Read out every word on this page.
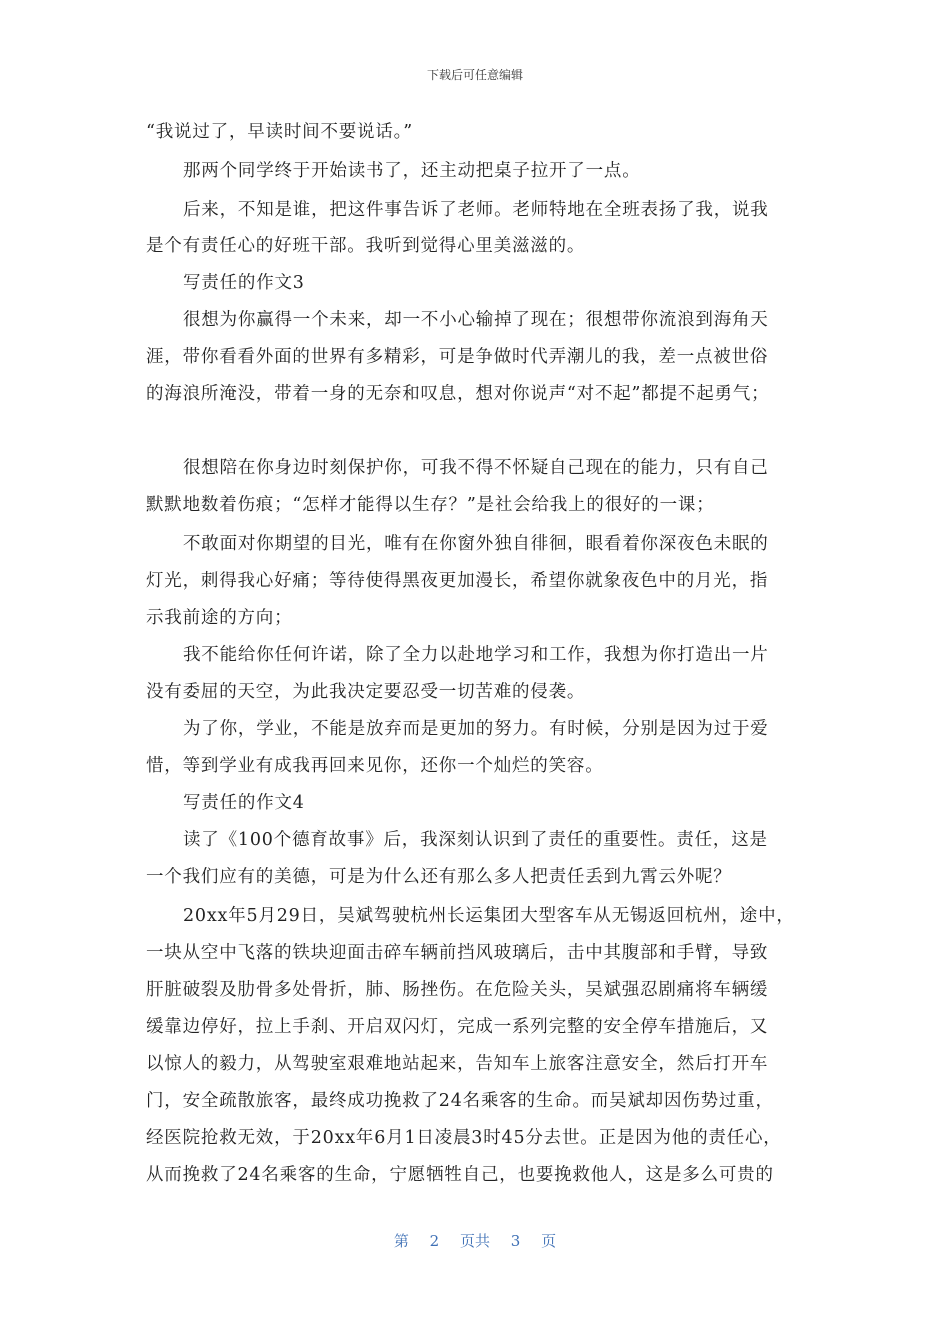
下载后可任意编辑
“我说过了，早读时间不要说话。”
那两个同学终于开始读书了，还主动把桌子拉开了一点。
后来，不知是谁，把这件事告诉了老师。老师特地在全班表扬了我，说我
是个有责任心的好班干部。我听到觉得心里美滋滋的。
写责任的作文3
很想为你赢得一个未来，却一不小心输掉了现在；很想带你流浪到海角天
涯，带你看看外面的世界有多精彩，可是争做时代弄潮儿的我，差一点被世俗
的海浪所淹没，带着一身的无奈和叹息，想对你说声“对不起”都提不起勇气；
很想陪在你身边时刻保护你，可我不得不怀疑自己现在的能力，只有自己
默默地数着伤痕；“怎样才能得以生存？”是社会给我上的很好的一课；
不敢面对你期望的目光，唯有在你窗外独自徘徊，眼看着你深夜色未眠的
灯光，刺得我心好痛；等待使得黑夜更加漫长，希望你就象夜色中的月光，指
示我前途的方向；
我不能给你任何许诺，除了全力以赴地学习和工作，我想为你打造出一片
没有委屈的天空，为此我决定要忍受一切苦难的侵袭。
为了你，学业，不能是放弃而是更加的努力。有时候，分别是因为过于爱
惜，等到学业有成我再回来见你，还你一个灿烂的笑容。
写责任的作文4
读了《100个德育故事》后，我深刻认识到了责任的重要性。责任，这是
一个我们应有的美德，可是为什么还有那么多人把责任丢到九霄云外呢？
20xx年5月29日，吴斌驾驶杭州长运集团大型客车从无锡返回杭州，途中，
一块从空中飞落的铁块迎面击碎车辆前挡风玻璃后，击中其腹部和手臂，导致
肝脏破裂及肋骨多处骨折，肺、肠挫伤。在危险关头，吴斌强忍剧痛将车辆缓
缓靠边停好，拉上手刹、开启双闪灯，完成一系列完整的安全停车措施后，又
以惊人的毅力，从驾驶室艰难地站起来，告知车上旅客注意安全，然后打开车
门，安全疏散旅客，最终成功挽救了24名乘客的生命。而吴斌却因伤势过重，
经医院抢救无效，于20xx年6月1日凌晨3时45分去世。正是因为他的责任心，
从而挽救了24名乘客的生命，宁愿牺牲自己，也要挽救他人，这是多么可贵的
第 2 页共 3 页
